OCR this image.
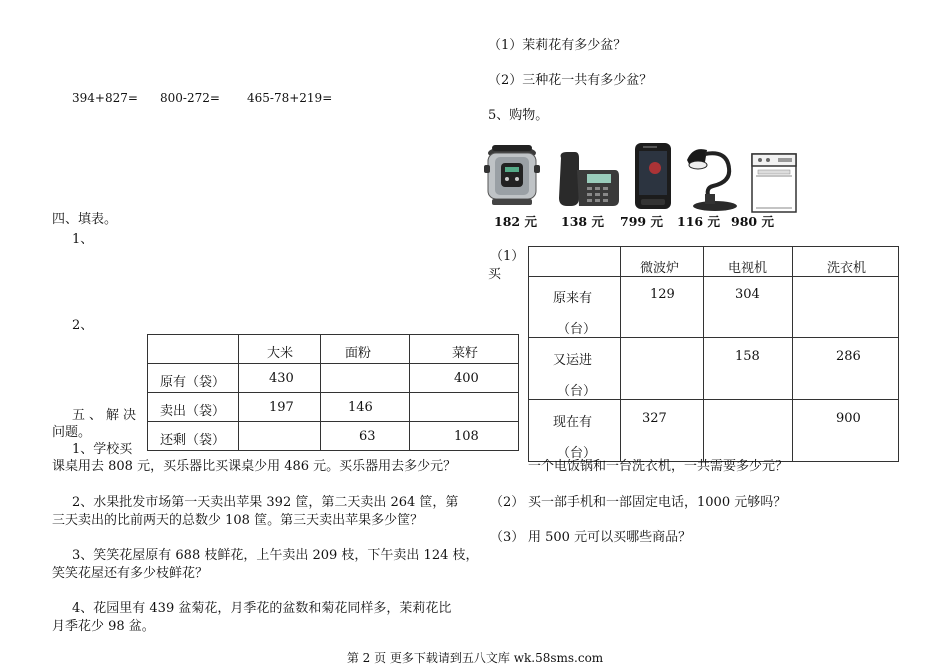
394+827= 800-272= 465-78+219=
四、填表。
1、
2、

	大米	面粉	菜籽

原有（袋）	430		400

卖出（袋）	197	146	

还剩（袋）		63	108
五、解决
问题。
1、学校买
课桌用去 808 元，买乐器比买课桌少用 486 元。买乐器用去多少元？
2、水果批发市场第一天卖出苹果 392 筐，第二天卖出 264 筐，第
三天卖出的比前两天的总数少 108 筐。第三天卖出苹果多少筐？
3、笑笑花屋原有 688 枝鲜花，上午卖出 209 枝，下午卖出 124 枝，
笑笑花屋还有多少枝鲜花？
4、花园里有 439 盆菊花，月季花的盆数和菊花同样多，茉莉花比
月季花少 98 盆。
（1）茉莉花有多少盆？
（2）三种花一共有多少盆？
5、购物。
182 元 138 元 799 元 116 元 980 元
（1）
买

	微波炉	电视机	洗衣机

原来有
（台）	129	304	

又运进
（台）		158	286

现在有
（台）	327		900
一个电饭锅和一台洗衣机，一共需要多少元？
（2） 买一部手机和一部固定电话，1000 元够吗？
（3） 用 500 元可以买哪些商品？
第 2 页 更多下载请到五八文库 wk.58sms.com
